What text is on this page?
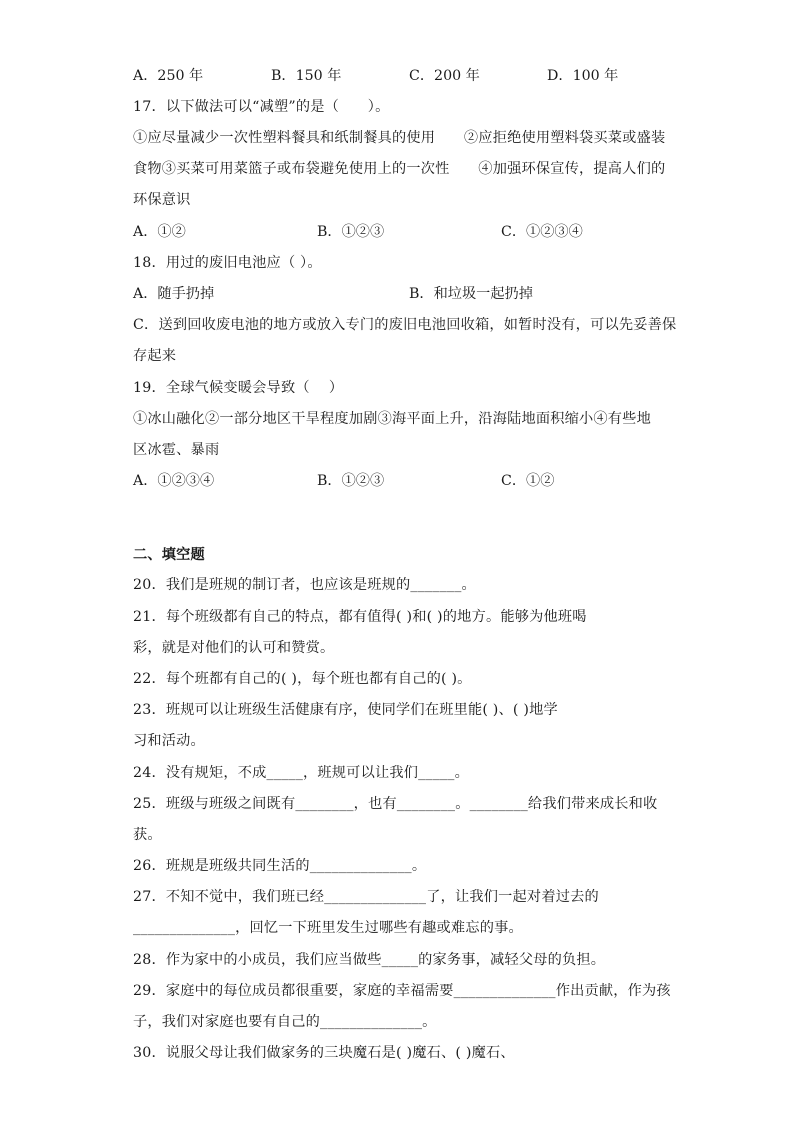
A．250 年	B．150 年	C．200 年	D．100 年
17．以下做法可以“减塑”的是（　　）。
①应尽量减少一次性塑料餐具和纸制餐具的使用　　②应拒绝使用塑料袋买菜或盛装
食物③买菜可用菜篮子或布袋避免使用上的一次性　　④加强环保宣传，提高人们的
环保意识
A．①②	B．①②③	C．①②③④
18．用过的废旧电池应（ ）。
A．随手扔掉	B．和垃圾一起扔掉
C．送到回收废电池的地方或放入专门的废旧电池回收箱，如暂时没有，可以先妥善保
存起来
19．全球气候变暖会导致（　 ）
①冰山融化②一部分地区干旱程度加剧③海平面上升，沿海陆地面积缩小④有些地
区冰雹、暴雨
A．①②③④	B．①②③	C．①②
二、填空题
20．我们是班规的制订者，也应该是班规的_______。
21．每个班级都有自己的特点，都有值得( )和( )的地方。能够为他班喝
彩，就是对他们的认可和赞赏。
22．每个班都有自己的( )，每个班也都有自己的( )。
23．班规可以让班级生活健康有序，使同学们在班里能( )、( )地学
习和活动。
24．没有规矩，不成_____，班规可以让我们_____。
25．班级与班级之间既有________，也有________。________给我们带来成长和收
获。
26．班规是班级共同生活的______________。
27．不知不觉中，我们班已经______________了，让我们一起对着过去的
______________，回忆一下班里发生过哪些有趣或难忘的事。
28．作为家中的小成员，我们应当做些_____的家务事，减轻父母的负担。
29．家庭中的每位成员都很重要，家庭的幸福需要______________作出贡献，作为孩
子，我们对家庭也要有自己的______________。
30．说服父母让我们做家务的三块魔石是( )魔石、( )魔石、
